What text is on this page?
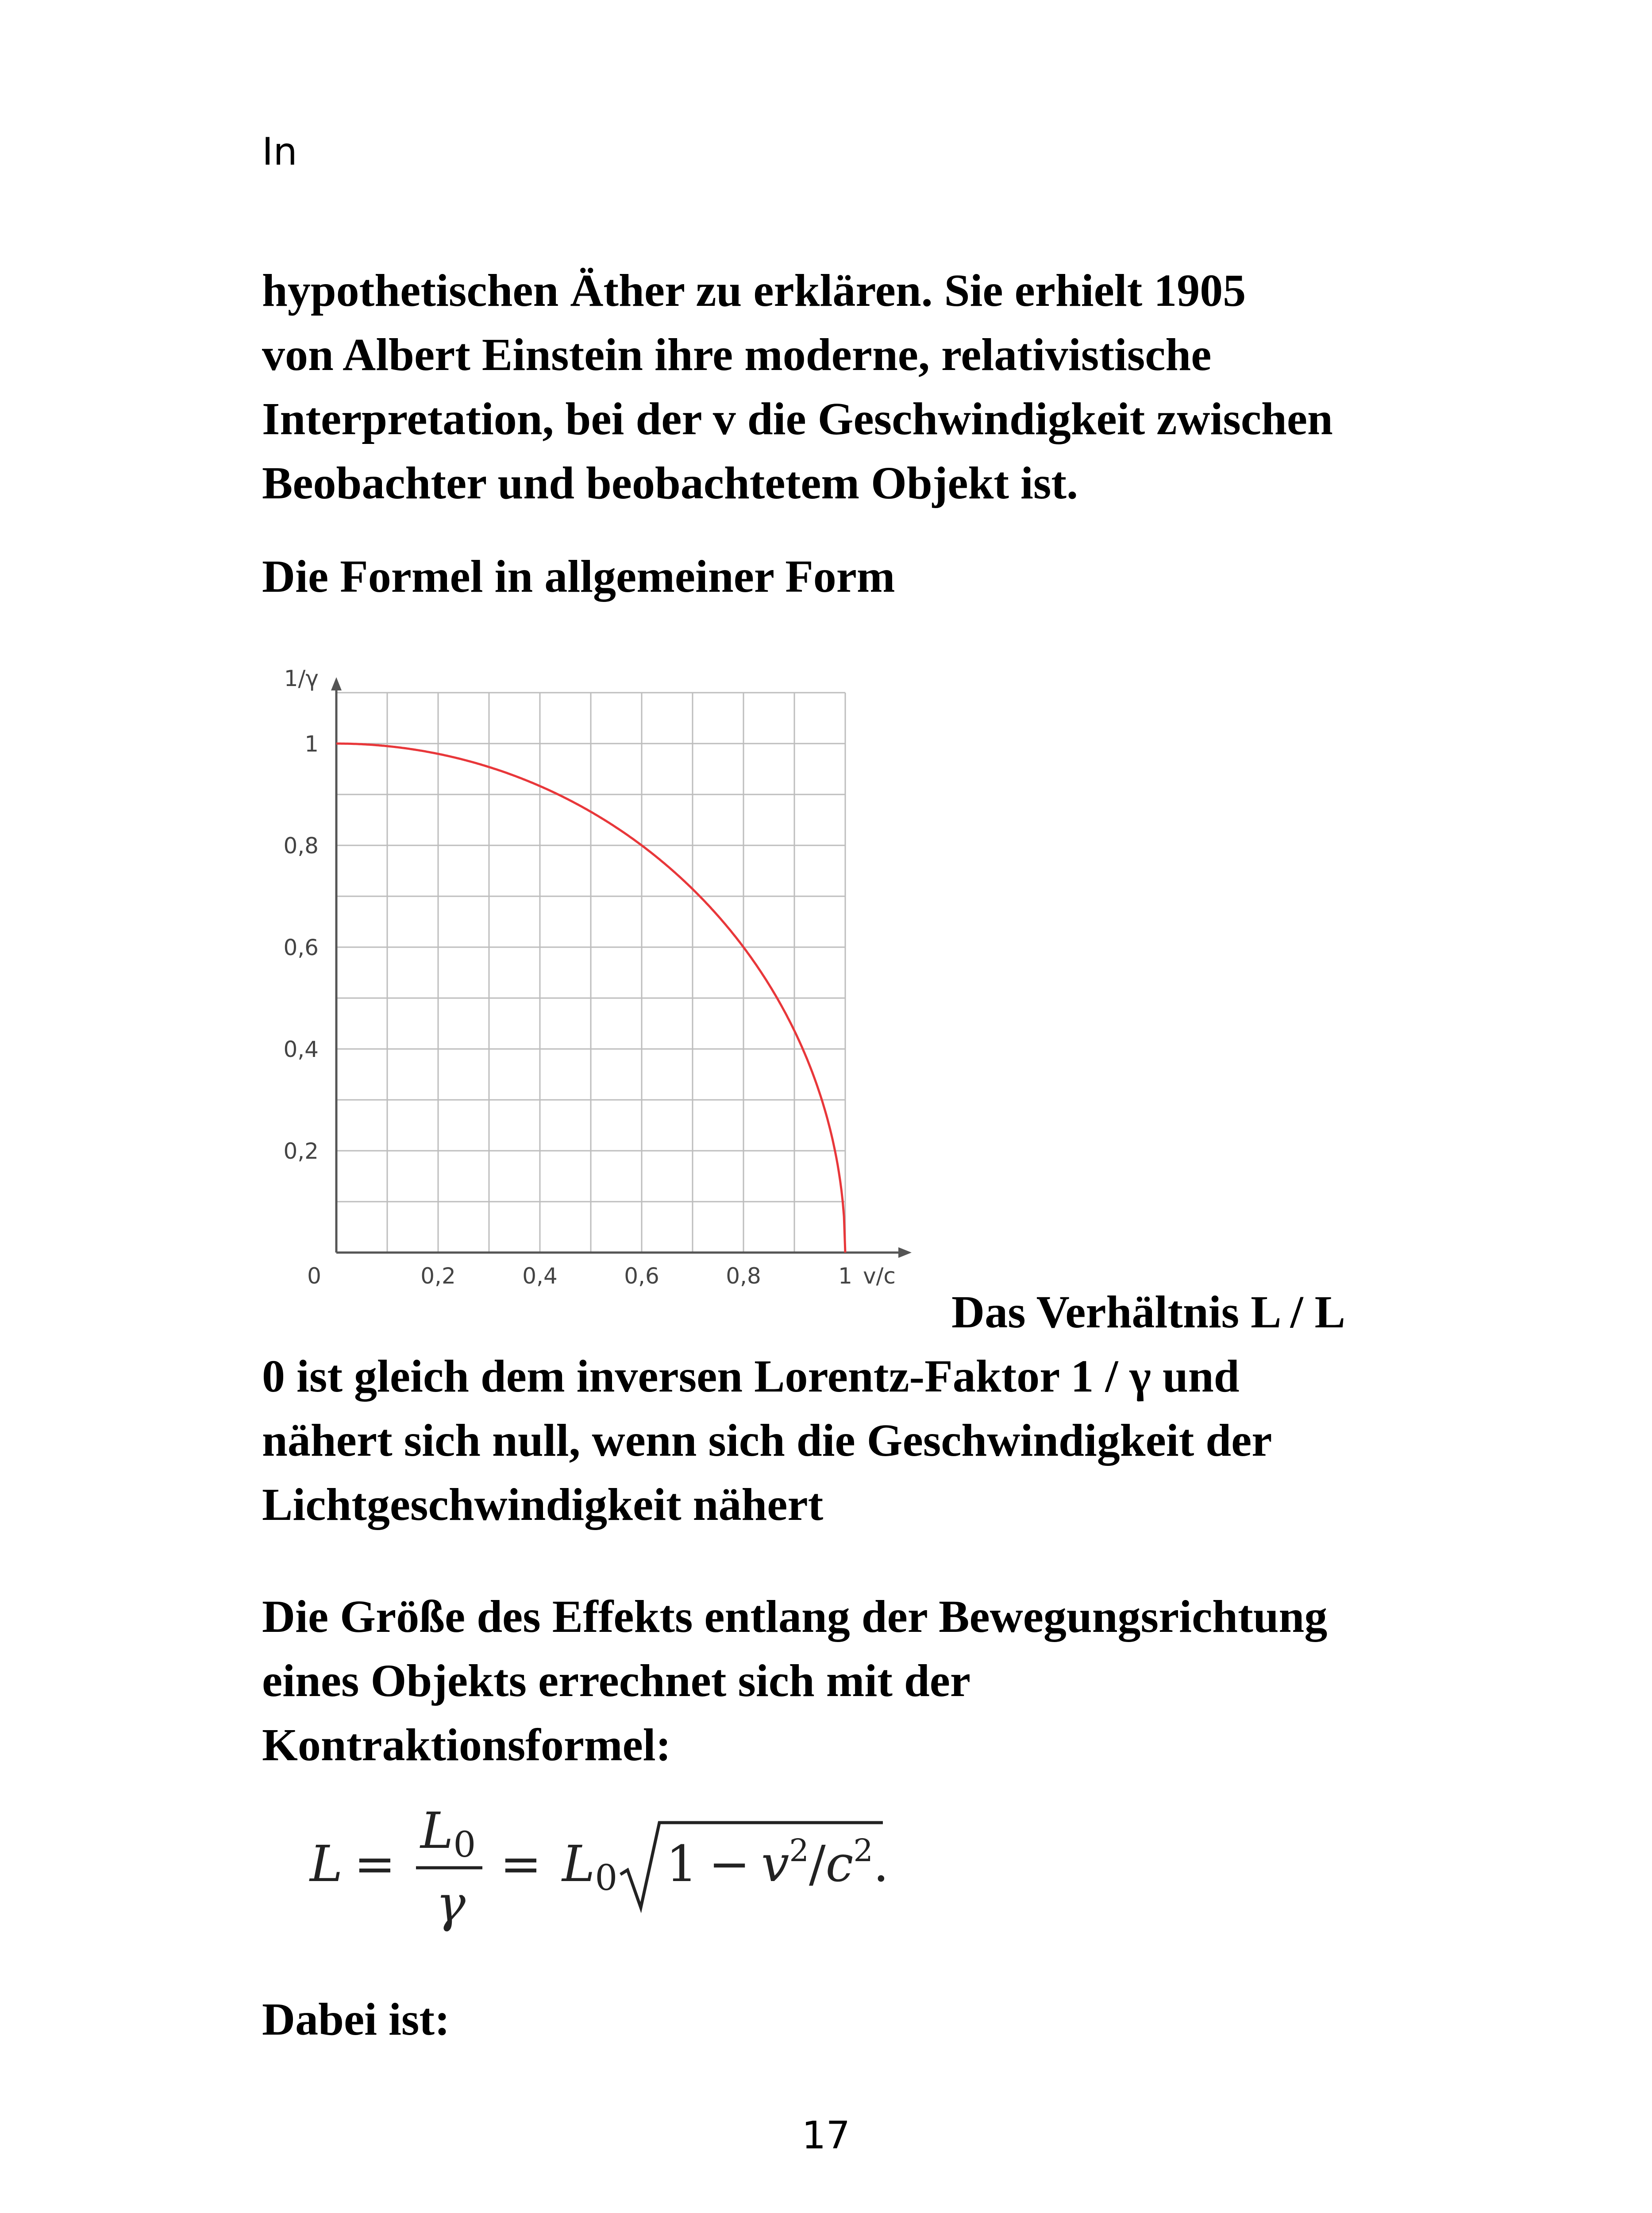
In

hypothetischen Äther zu erklären. Sie erhielt 1905
von Albert Einstein ihre moderne, relativistische
Interpretation, bei der v die Geschwindigkeit zwischen
Beobachter und beobachtetem Objekt ist.

Die Formel in allgemeiner Form

0	0,2	0,4	0,6	0,8	1
0,2
0,4
0,6
0,8
1
v/c
1/γ
Das Verhältnis L / L

0 ist gleich dem inversen Lorentz-Faktor 1 / γ und
nähert sich null, wenn sich die Geschwindigkeit der
Lichtgeschwindigkeit nähert

Die Größe des Effekts entlang der Bewegungsrichtung
eines Objekts errechnet sich mit der
Kontraktionsformel:

L =
L0
γ
= L0 $1 - v^2/c^2$.

Dabei ist:

17
